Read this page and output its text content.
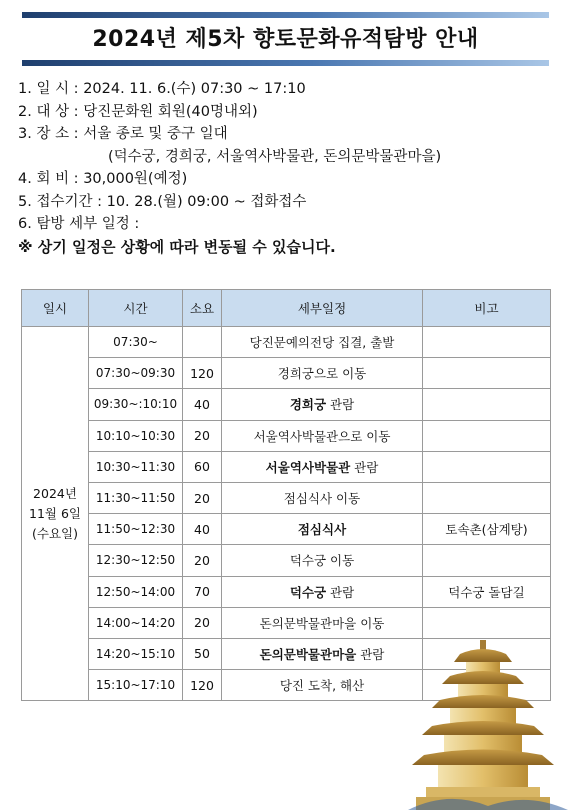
2024년 제5차 향토문화유적탐방 안내
1. 일 시 : 2024. 11. 6.(수) 07:30 ~ 17:10
2. 대 상 : 당진문화원 회원(40명내외)
3. 장 소 : 서울 종로 및 중구 일대
(덕수궁, 경희궁, 서울역사박물관, 돈의문박물관마을)
4. 회 비 : 30,000원(예정)
5. 접수기간 : 10. 28.(월) 09:00 ~ 접화접수
6. 탐방 세부 일정 :
※ 상기 일정은 상황에 따라 변동될 수 있습니다.
일시	시간	소요	세부일정	비고

2024년
11월 6일
(수요일)	07:30~		당진문예의전당 집결, 출발	
	07:30~09:30	120	경희궁으로 이동	
	09:30~:10:10	40	경희궁 관람	
	10:10~10:30	20	서울역사박물관으로 이동	
	10:30~11:30	60	서울역사박물관 관람	
	11:30~11:50	20	점심식사 이동	
	11:50~12:30	40	점심식사	토속촌(삼계탕)
	12:30~12:50	20	덕수궁 이동	
	12:50~14:00	70	덕수궁 관람	덕수궁 돌담길
	14:00~14:20	20	돈의문박물관마을 이동	
	14:20~15:10	50	돈의문박물관마을 관람	
	15:10~17:10	120	당진 도착, 해산	
